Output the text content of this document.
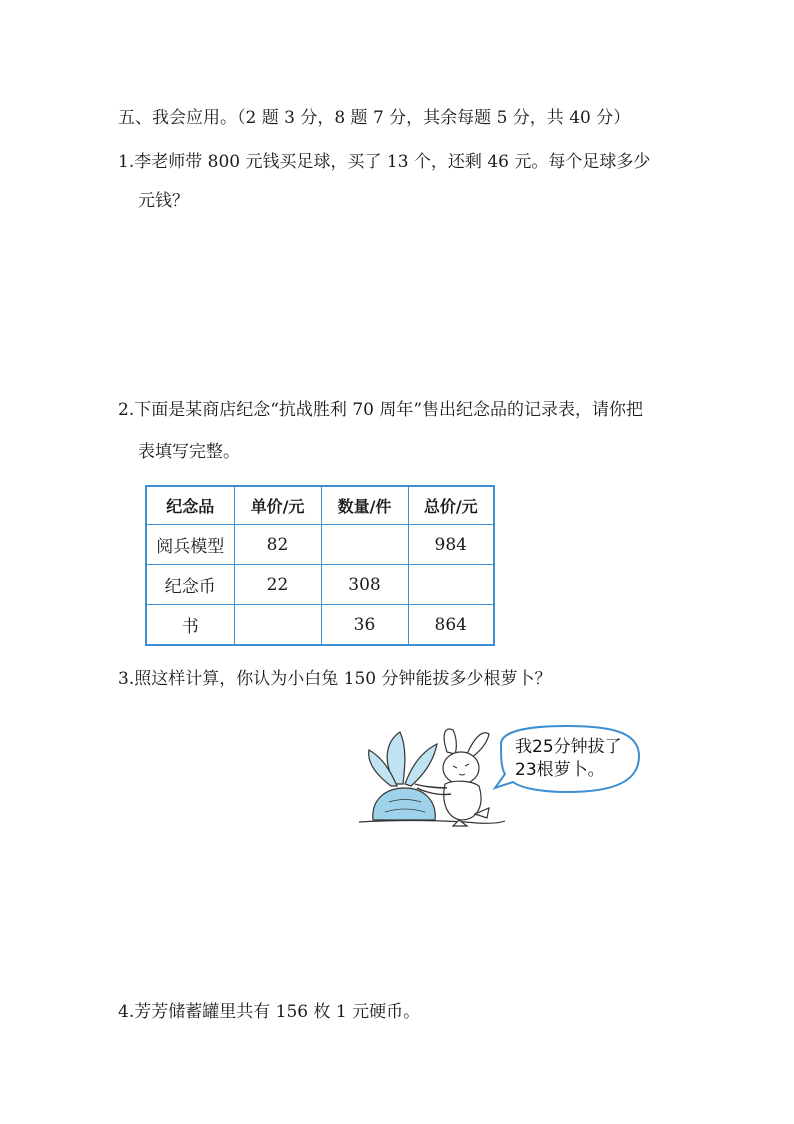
五、我会应用。（2 题 3 分，8 题 7 分，其余每题 5 分，共 40 分）
1.李老师带 800 元钱买足球，买了 13 个，还剩 46 元。每个足球多少
元钱？
2.下面是某商店纪念“抗战胜利 70 周年”售出纪念品的记录表，请你把
表填写完整。
纪念品	单价/元	数量/件	总价/元
阅兵模型	82		984
纪念币	22	308	
书		36	864
3.照这样计算，你认为小白兔 150 分钟能拔多少根萝卜？
我25分钟拔了
23根萝卜。
4.芳芳储蓄罐里共有 156 枚 1 元硬币。
